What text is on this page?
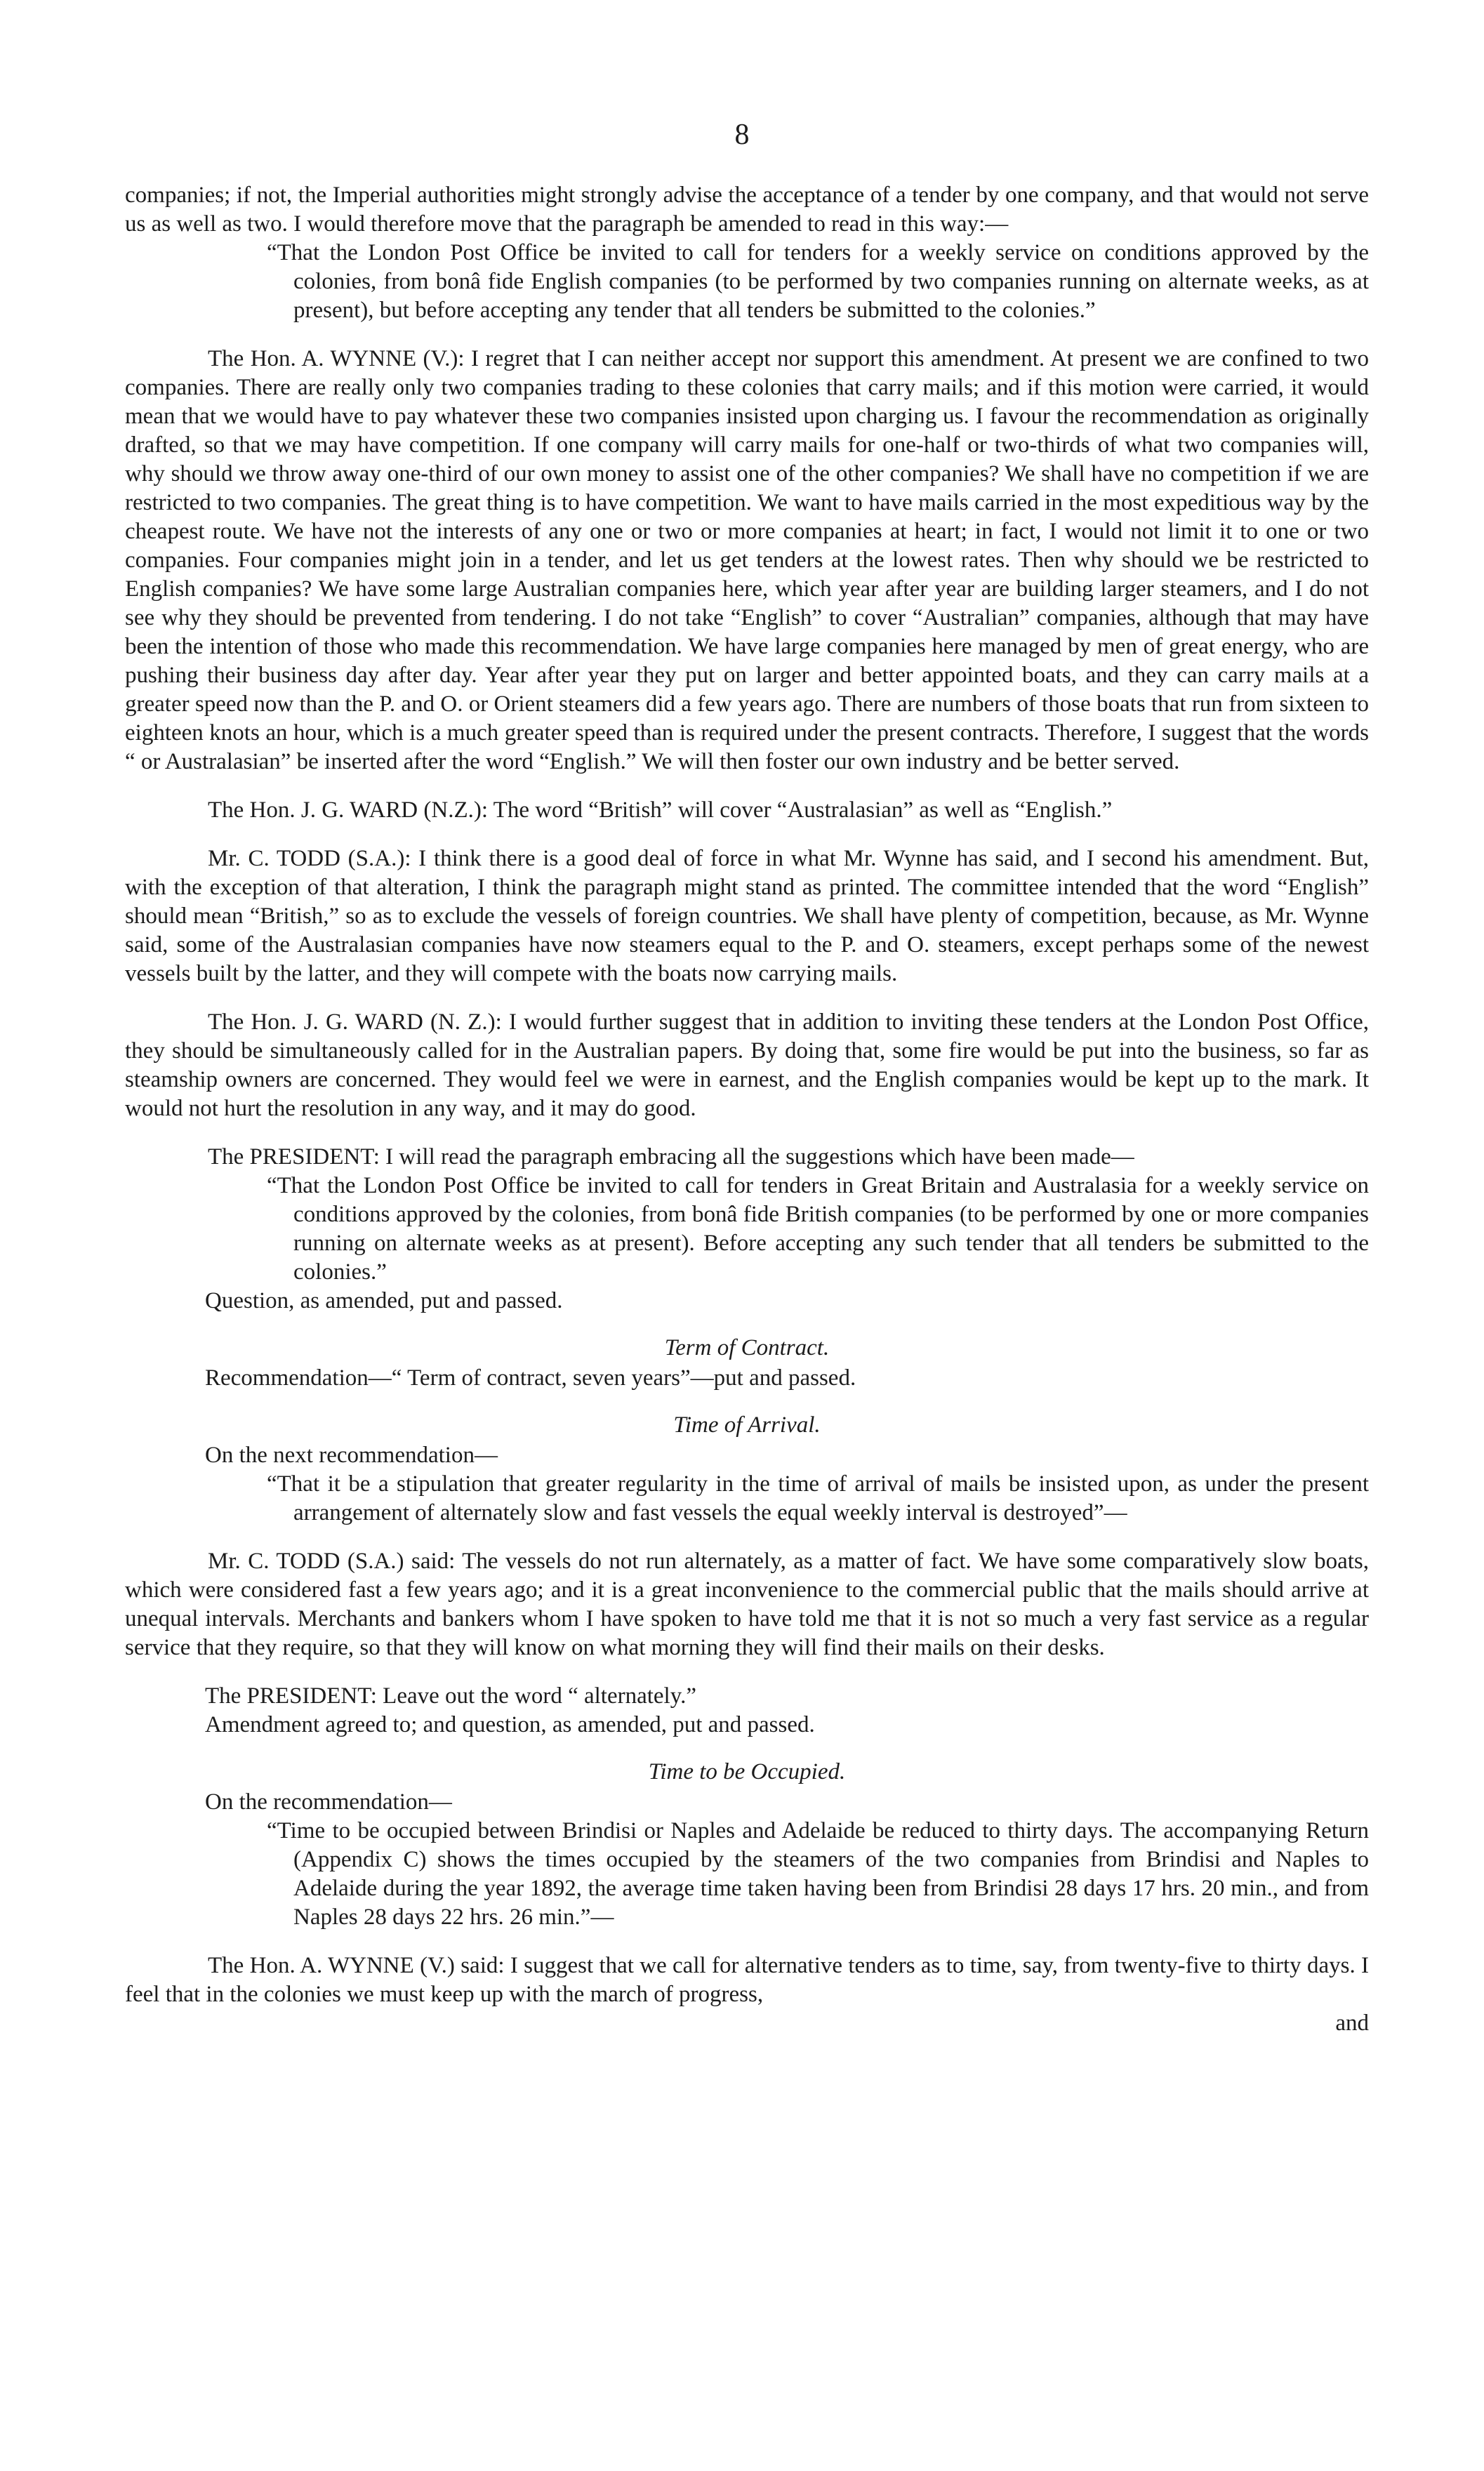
8

companies; if not, the Imperial authorities might strongly advise the acceptance of a tender by one company, and that would not serve us as well as two. I would therefore move that the paragraph be amended to read in this way:—

“That the London Post Office be invited to call for tenders for a weekly service on conditions approved by the colonies, from bonâ fide English companies (to be performed by two companies running on alternate weeks, as at present), but before accepting any tender that all tenders be submitted to the colonies.”

The Hon. A. WYNNE (V.): I regret that I can neither accept nor support this amendment. At present we are confined to two companies. There are really only two companies trading to these colonies that carry mails; and if this motion were carried, it would mean that we would have to pay whatever these two companies insisted upon charging us. I favour the recommendation as originally drafted, so that we may have competition. If one company will carry mails for one-half or two-thirds of what two companies will, why should we throw away one-third of our own money to assist one of the other companies? We shall have no competition if we are restricted to two companies. The great thing is to have competition. We want to have mails carried in the most expeditious way by the cheapest route. We have not the interests of any one or two or more companies at heart; in fact, I would not limit it to one or two companies. Four companies might join in a tender, and let us get tenders at the lowest rates. Then why should we be restricted to English companies? We have some large Australian companies here, which year after year are building larger steamers, and I do not see why they should be prevented from tendering. I do not take “English” to cover “Australian” companies, although that may have been the intention of those who made this recommendation. We have large companies here managed by men of great energy, who are pushing their business day after day. Year after year they put on larger and better appointed boats, and they can carry mails at a greater speed now than the P. and O. or Orient steamers did a few years ago. There are numbers of those boats that run from sixteen to eighteen knots an hour, which is a much greater speed than is required under the present contracts. Therefore, I suggest that the words “ or Australasian” be inserted after the word “English.” We will then foster our own industry and be better served.

The Hon. J. G. WARD (N.Z.): The word “British” will cover “Australasian” as well as “English.”

Mr. C. TODD (S.A.): I think there is a good deal of force in what Mr. Wynne has said, and I second his amendment. But, with the exception of that alteration, I think the paragraph might stand as printed. The committee intended that the word “English” should mean “British,” so as to exclude the vessels of foreign countries. We shall have plenty of competition, because, as Mr. Wynne said, some of the Australasian companies have now steamers equal to the P. and O. steamers, except perhaps some of the newest vessels built by the latter, and they will compete with the boats now carrying mails.

The Hon. J. G. WARD (N. Z.): I would further suggest that in addition to inviting these tenders at the London Post Office, they should be simultaneously called for in the Australian papers. By doing that, some fire would be put into the business, so far as steamship owners are concerned. They would feel we were in earnest, and the English companies would be kept up to the mark. It would not hurt the resolution in any way, and it may do good.

The PRESIDENT: I will read the paragraph embracing all the suggestions which have been made—

“That the London Post Office be invited to call for tenders in Great Britain and Australasia for a weekly service on conditions approved by the colonies, from bonâ fide British companies (to be performed by one or more companies running on alternate weeks as at present). Before accepting any such tender that all tenders be submitted to the colonies.”

Question, as amended, put and passed.

Term of Contract.

Recommendation—“ Term of contract, seven years”—put and passed.

Time of Arrival.

On the next recommendation—

“That it be a stipulation that greater regularity in the time of arrival of mails be insisted upon, as under the present arrangement of alternately slow and fast vessels the equal weekly interval is destroyed”—

Mr. C. TODD (S.A.) said: The vessels do not run alternately, as a matter of fact. We have some comparatively slow boats, which were considered fast a few years ago; and it is a great inconvenience to the commercial public that the mails should arrive at unequal intervals. Merchants and bankers whom I have spoken to have told me that it is not so much a very fast service as a regular service that they require, so that they will know on what morning they will find their mails on their desks.

The PRESIDENT: Leave out the word “ alternately.”

Amendment agreed to; and question, as amended, put and passed.

Time to be Occupied.

On the recommendation—

“Time to be occupied between Brindisi or Naples and Adelaide be reduced to thirty days. The accompanying Return (Appendix C) shows the times occupied by the steamers of the two companies from Brindisi and Naples to Adelaide during the year 1892, the average time taken having been from Brindisi 28 days 17 hrs. 20 min., and from Naples 28 days 22 hrs. 26 min.”—

The Hon. A. WYNNE (V.) said: I suggest that we call for alternative tenders as to time, say, from twenty-five to thirty days. I feel that in the colonies we must keep up with the march of progress,

and
